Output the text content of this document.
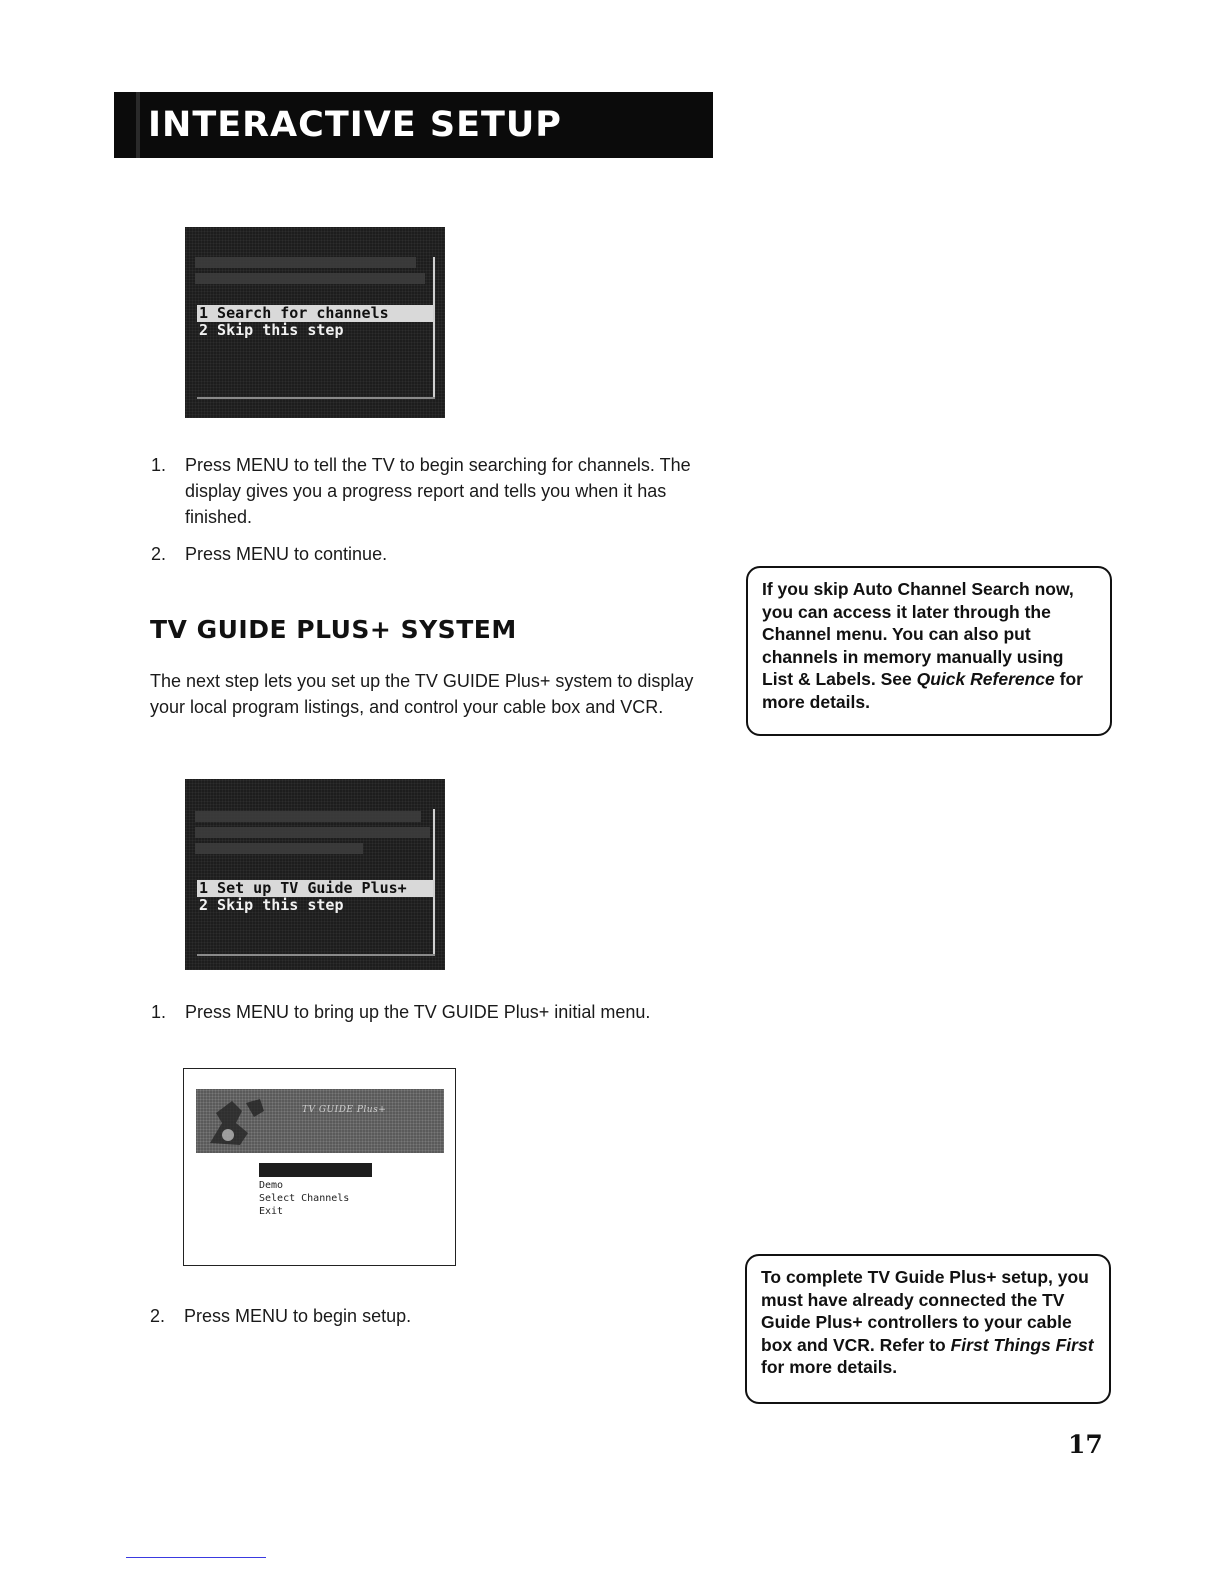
INTERACTIVE SETUP
1 Search for channels
2 Skip this step
1. Press MENU to tell the TV to begin searching for channels. The display gives you a progress report and tells you when it has finished.
2. Press MENU to continue.
If you skip Auto Channel Search now, you can access it later through the Channel menu. You can also put channels in memory manually using List & Labels. See Quick Reference for more details.
TV GUIDE PLUS+ SYSTEM

The next step lets you set up the TV GUIDE Plus+ system to display your local program listings, and control your cable box and VCR.

1 Set up TV Guide Plus+
2 Skip this step
1. Press MENU to bring up the TV GUIDE Plus+ initial menu.
TV GUIDE Plus+
Demo
Select Channels
Exit
2. Press MENU to begin setup.
To complete TV Guide Plus+ setup, you must have already connected the TV Guide Plus+ controllers to your cable box and VCR. Refer to First Things First for more details.

17
